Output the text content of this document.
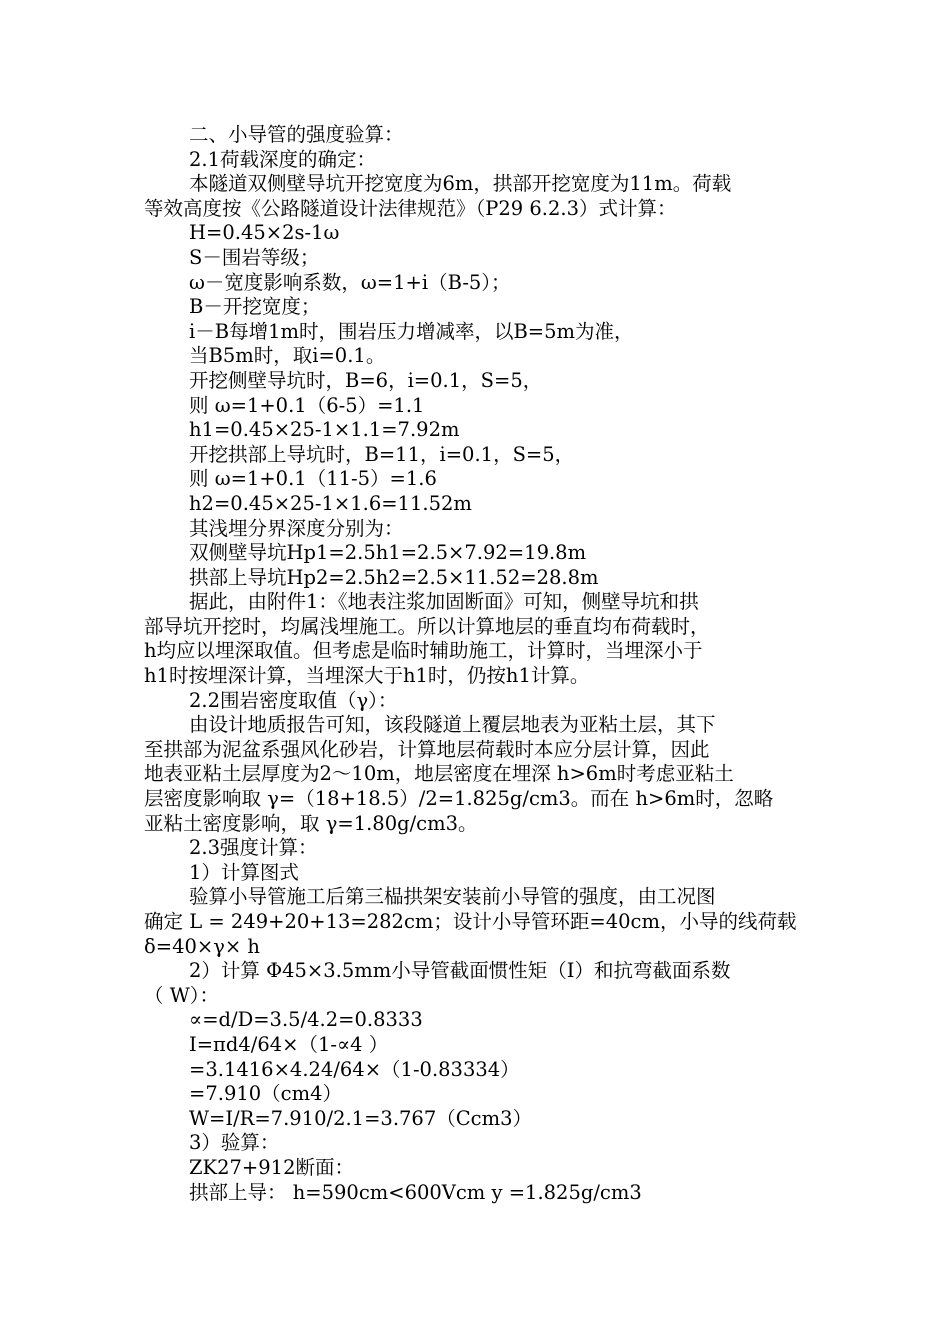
二、小导管的强度验算：
2.1荷载深度的确定：
本隧道双侧壁导坑开挖宽度为6m，拱部开挖宽度为11m。荷载
等效高度按《公路隧道设计法律规范》（P29 6.2.3）式计算：
H=0.45×2s-1ω
S－围岩等级；
ω－宽度影响系数，ω=1+i（B-5）；
B－开挖宽度；
i－B每增1m时，围岩压力增减率，以B=5m为准，
当B5m时，取i=0.1。
开挖侧壁导坑时，B=6，i=0.1，S=5，
则 ω=1+0.1（6-5）=1.1
h1=0.45×25-1×1.1=7.92m
开挖拱部上导坑时，B=11，i=0.1，S=5，
则 ω=1+0.1（11-5）=1.6
h2=0.45×25-1×1.6=11.52m
其浅埋分界深度分别为：
双侧壁导坑Hp1=2.5h1=2.5×7.92=19.8m
拱部上导坑Hp2=2.5h2=2.5×11.52=28.8m
据此，由附件1：《地表注浆加固断面》可知，侧壁导坑和拱
部导坑开挖时，均属浅埋施工。所以计算地层的垂直均布荷载时，
h均应以埋深取值。但考虑是临时辅助施工，计算时，当埋深小于
h1时按埋深计算，当埋深大于h1时，仍按h1计算。
2.2围岩密度取值（γ）：
由设计地质报告可知，该段隧道上覆层地表为亚粘土层，其下
至拱部为泥盆系强风化砂岩，计算地层荷载时本应分层计算，因此
地表亚粘土层厚度为2～10m，地层密度在埋深 h>6m时考虑亚粘土
层密度影响取 γ=（18+18.5）/2=1.825g/cm3。而在 h>6m时，忽略
亚粘土密度影响，取 γ=1.80g/cm3。
2.3强度计算：
1）计算图式
验算小导管施工后第三榀拱架安装前小导管的强度，由工况图
确定 L = 249+20+13=282cm；设计小导管环距=40cm，小导的线荷载
δ=40×γ× h
2）计算 Φ45×3.5mm小导管截面惯性矩（I）和抗弯截面系数
（ W）：
∝=d/D=3.5/4.2=0.8333
I=πd4/64×（1-∝4 ）
=3.1416×4.24/64×（1-0.83334）
=7.910（cm4）
W=I/R=7.910/2.1=3.767（Ccm3）
3）验算：
ZK27+912断面：
拱部上导： h=590cm<600Vcm y =1.825g/cm3
